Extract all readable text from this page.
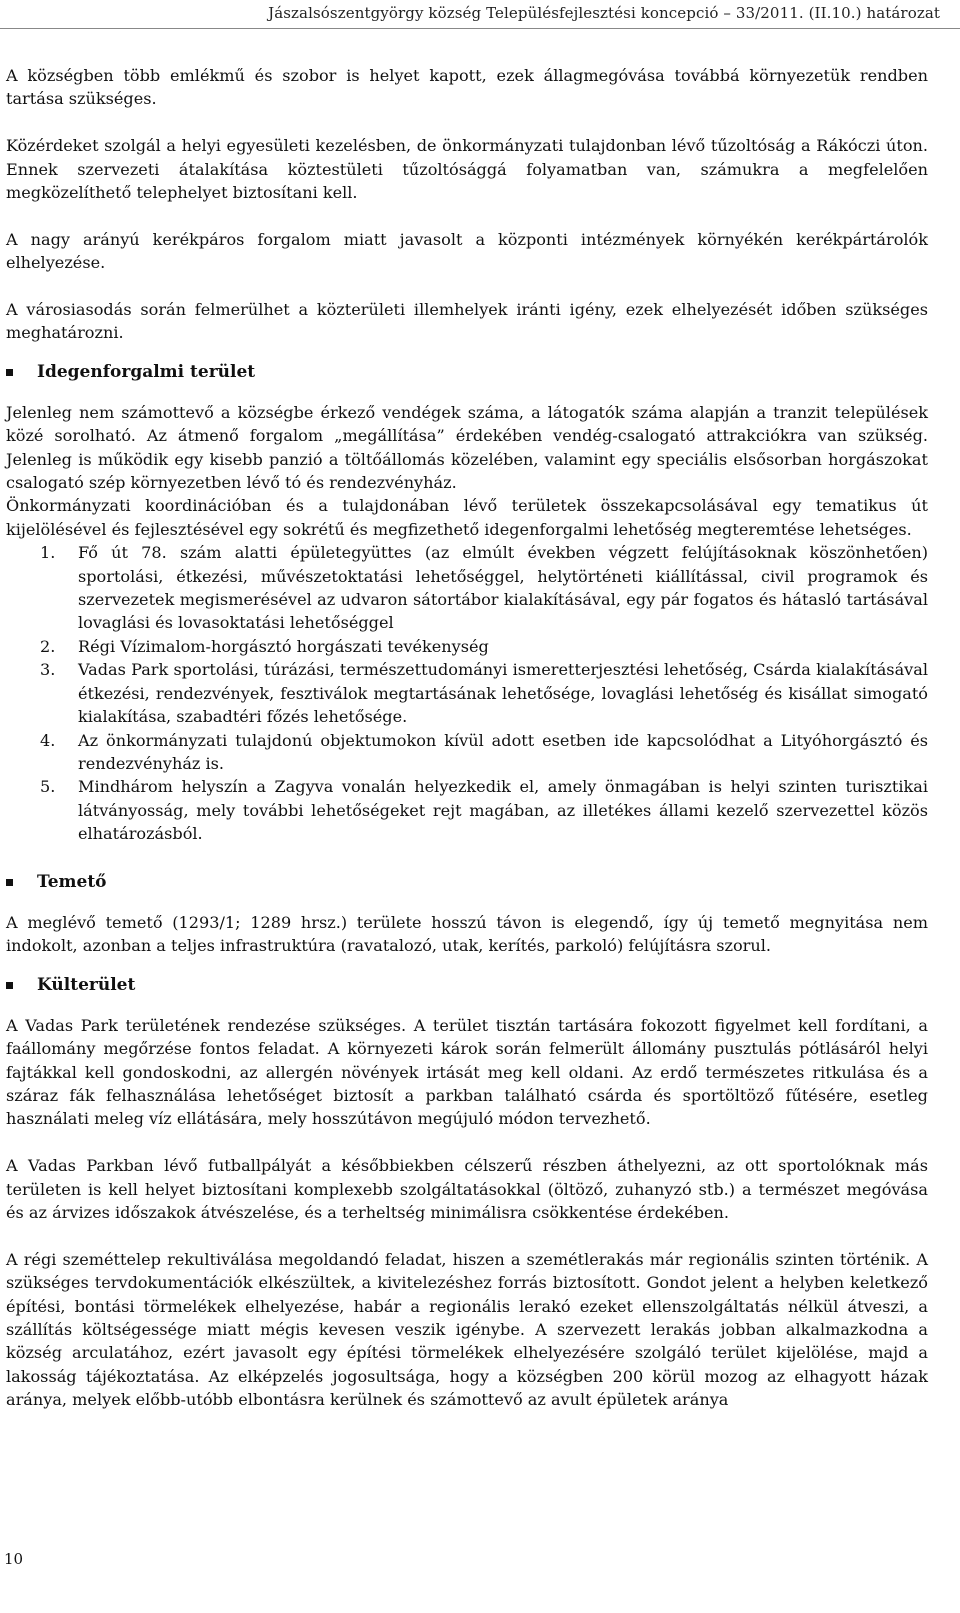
Jászalsószentgyörgy község Településfejlesztési koncepció – 33/2011. (II.10.) határozat

A községben több emlékmű és szobor is helyet kapott, ezek állagmegóvása továbbá környezetük rendben tartása szükséges.

Közérdeket szolgál a helyi egyesületi kezelésben, de önkormányzati tulajdonban lévő tűzoltóság a Rákóczi úton. Ennek szervezeti átalakítása köztestületi tűzoltósággá folyamatban van, számukra a megfelelően megközelíthető telephelyet biztosítani kell.

A nagy arányú kerékpáros forgalom miatt javasolt a központi intézmények környékén kerékpártárolók elhelyezése.

A városiasodás során felmerülhet a közterületi illemhelyek iránti igény, ezek elhelyezését időben szükséges meghatározni.

Idegenforgalmi terület

Jelenleg nem számottevő a községbe érkező vendégek száma, a látogatók száma alapján a tranzit települések közé sorolható. Az átmenő forgalom „megállítása” érdekében vendég-csalogató attrakciókra van szükség. Jelenleg is működik egy kisebb panzió a töltőállomás közelében, valamint egy speciális elsősorban horgászokat csalogató szép környezetben lévő tó és rendezvényház.

Önkormányzati koordinációban és a tulajdonában lévő területek összekapcsolásával egy tematikus út kijelölésével és fejlesztésével egy sokrétű és megfizethető idegenforgalmi lehetőség megteremtése lehetséges.

1.	Fő út 78. szám alatti épületegyüttes (az elmúlt években végzett felújításoknak köszönhetően) sportolási, étkezési, művészetoktatási lehetőséggel, helytörténeti kiállítással, civil programok és szervezetek megismerésével az udvaron sátortábor kialakításával, egy pár fogatos és hátasló tartásával lovaglási és lovasoktatási lehetőséggel
2.	Régi Vízimalom-horgásztó horgászati tevékenység
3.	Vadas Park sportolási, túrázási, természettudományi ismeretterjesztési lehetőség, Csárda kialakításával étkezési, rendezvények, fesztiválok megtartásának lehetősége, lovaglási lehetőség és kisállat simogató kialakítása, szabadtéri főzés lehetősége.
4.	Az önkormányzati tulajdonú objektumokon kívül adott esetben ide kapcsolódhat a Lityóhorgásztó és rendezvényház is.
5.	Mindhárom helyszín a Zagyva vonalán helyezkedik el, amely önmagában is helyi szinten turisztikai látványosság, mely további lehetőségeket rejt magában, az illetékes állami kezelő szervezettel közös elhatározásból.
Temető

A meglévő temető (1293/1; 1289 hrsz.) területe hosszú távon is elegendő, így új temető megnyitása nem indokolt, azonban a teljes infrastruktúra (ravatalozó, utak, kerítés, parkoló) felújításra szorul.

Külterület

A Vadas Park területének rendezése szükséges. A terület tisztán tartására fokozott figyelmet kell fordítani, a faállomány megőrzése fontos feladat. A környezeti károk során felmerült állomány pusztulás pótlásáról helyi fajtákkal kell gondoskodni, az allergén növények irtását meg kell oldani. Az erdő természetes ritkulása és a száraz fák felhasználása lehetőséget biztosít a parkban található csárda és sportöltöző fűtésére, esetleg használati meleg víz ellátására, mely hosszútávon megújuló módon tervezhető.

A Vadas Parkban lévő futballpályát a későbbiekben célszerű részben áthelyezni, az ott sportolóknak más területen is kell helyet biztosítani komplexebb szolgáltatásokkal (öltöző, zuhanyzó stb.) a természet megóvása és az árvizes időszakok átvészelése, és a terheltség minimálisra csökkentése érdekében.

A régi szeméttelep rekultiválása megoldandó feladat, hiszen a szemétlerakás már regionális szinten történik. A szükséges tervdokumentációk elkészültek, a kivitelezéshez forrás biztosított. Gondot jelent a helyben keletkező építési, bontási törmelékek elhelyezése, habár a regionális lerakó ezeket ellenszolgáltatás nélkül átveszi, a szállítás költségessége miatt mégis kevesen veszik igénybe. A szervezett lerakás jobban alkalmazkodna a község arculatához, ezért javasolt egy építési törmelékek elhelyezésére szolgáló terület kijelölése, majd a lakosság tájékoztatása. Az elképzelés jogosultsága, hogy a községben 200 körül mozog az elhagyott házak aránya, melyek előbb-utóbb elbontásra kerülnek és számottevő az avult épületek aránya

10
